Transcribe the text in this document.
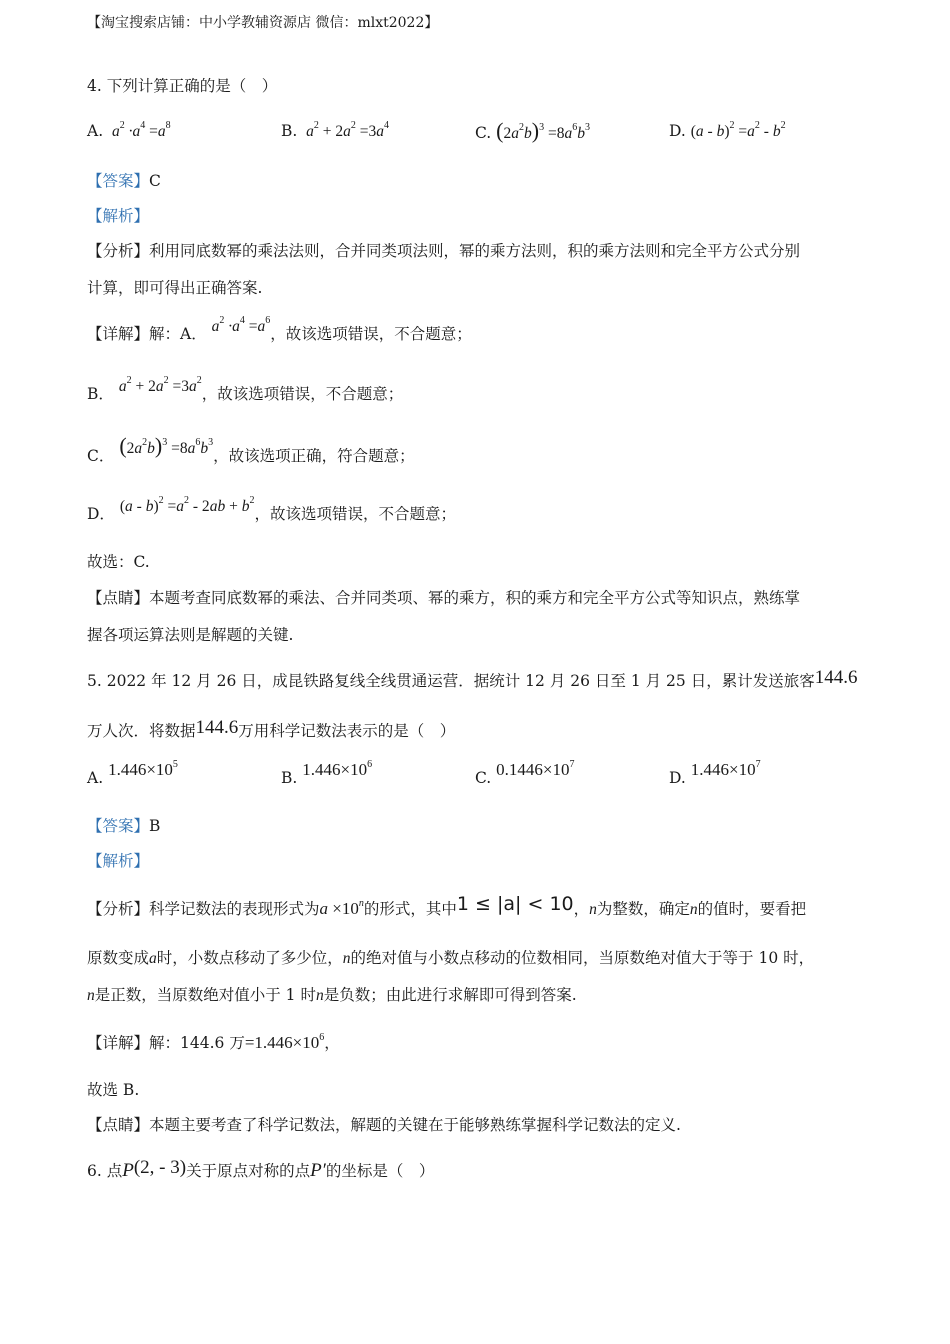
【淘宝搜索店铺：中小学教辅资源店 微信：mlxt2022】
4. 下列计算正确的是（　）
A.  $a^2 \cdot a^4 =a^8$	B.  $a^2 + 2a^2 =3a^4$	C. $(2a^2b)^3 =8a^6b^3$	D. $(a - b)^2 =a^2 - b^2$
【答案】C
【解析】
【分析】利用同底数幂的乘法法则，合并同类项法则，幂的乘方法则，积的乘方法则和完全平方公式分别
计算，即可得出正确答案.
【详解】解：A． $a^2 \cdot a^4 =a^6$，故该选项错误，不合题意；
B． $a^2 + 2a^2 =3a^2$，故该选项错误，不合题意；
C． $(2a^2b)^3 =8a^6b^3$，故该选项正确，符合题意；
D． $(a - b)^2 =a^2 - 2ab + b^2$，故该选项错误，不合题意；
故选：C.
【点睛】本题考查同底数幂的乘法、合并同类项、幂的乘方，积的乘方和完全平方公式等知识点，熟练掌
握各项运算法则是解题的关键.
5. 2022 年 12 月 26 日，成昆铁路复线全线贯通运营．据统计 12 月 26 日至 1 月 25 日，累计发送旅客144.6
万人次．将数据144.6万用科学记数法表示的是（　）
A. $1.446\times 10^5$
B. $1.446\times 10^6$
C. $0.1446\times 10^7$
D. $1.446\times 10^7$
【答案】B
【解析】
【分析】科学记数法的表现形式为$a \times 10^n$的形式，其中1 ≤ |a| < 10，n为整数，确定n的值时，要看把
原数变成a时，小数点移动了多少位，n的绝对值与小数点移动的位数相同，当原数绝对值大于等于 10 时，
n是正数，当原数绝对值小于 1 时n是负数；由此进行求解即可得到答案.
【详解】解：144.6 万$=1.446\times 10^6$，
故选 B.
【点睛】本题主要考查了科学记数法，解题的关键在于能够熟练掌握科学记数法的定义.
6. 点P(2, - 3)关于原点对称的点P′的坐标是（　）
